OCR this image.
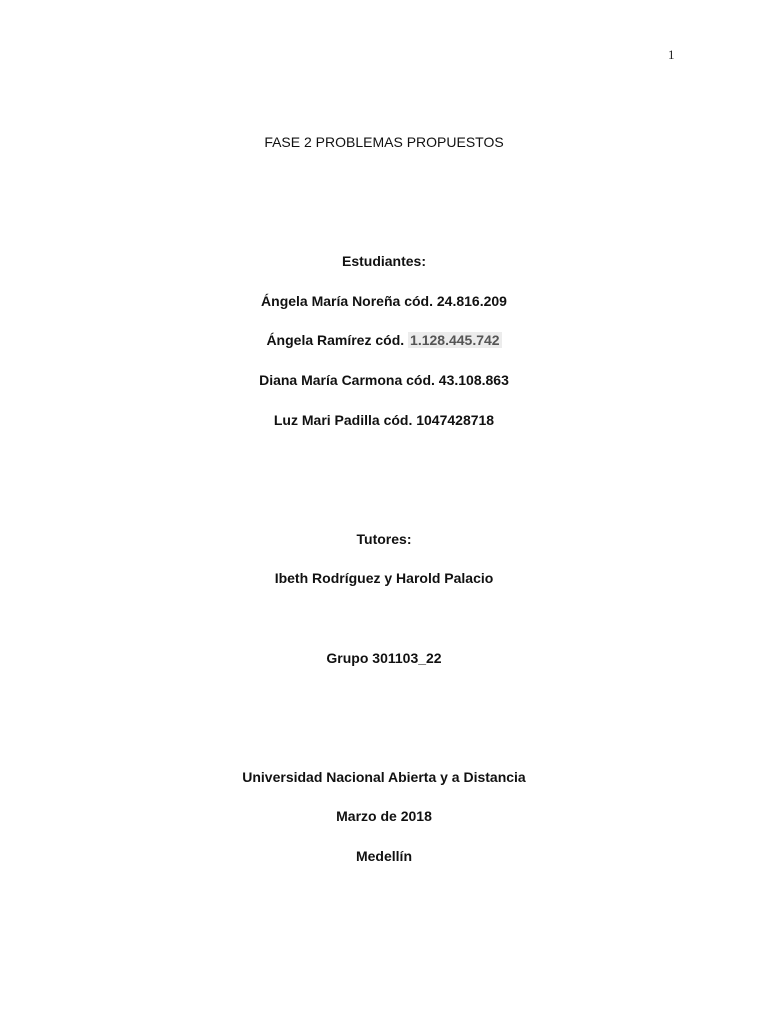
1
FASE 2 PROBLEMAS PROPUESTOS
Estudiantes:
Ángela María Noreña cód. 24.816.209
Ángela Ramírez cód. 1.128.445.742
Diana María Carmona cód. 43.108.863
Luz Mari Padilla cód. 1047428718
Tutores:
Ibeth Rodríguez y Harold Palacio
Grupo 301103_22
Universidad Nacional Abierta y a Distancia
Marzo de 2018
Medellín
